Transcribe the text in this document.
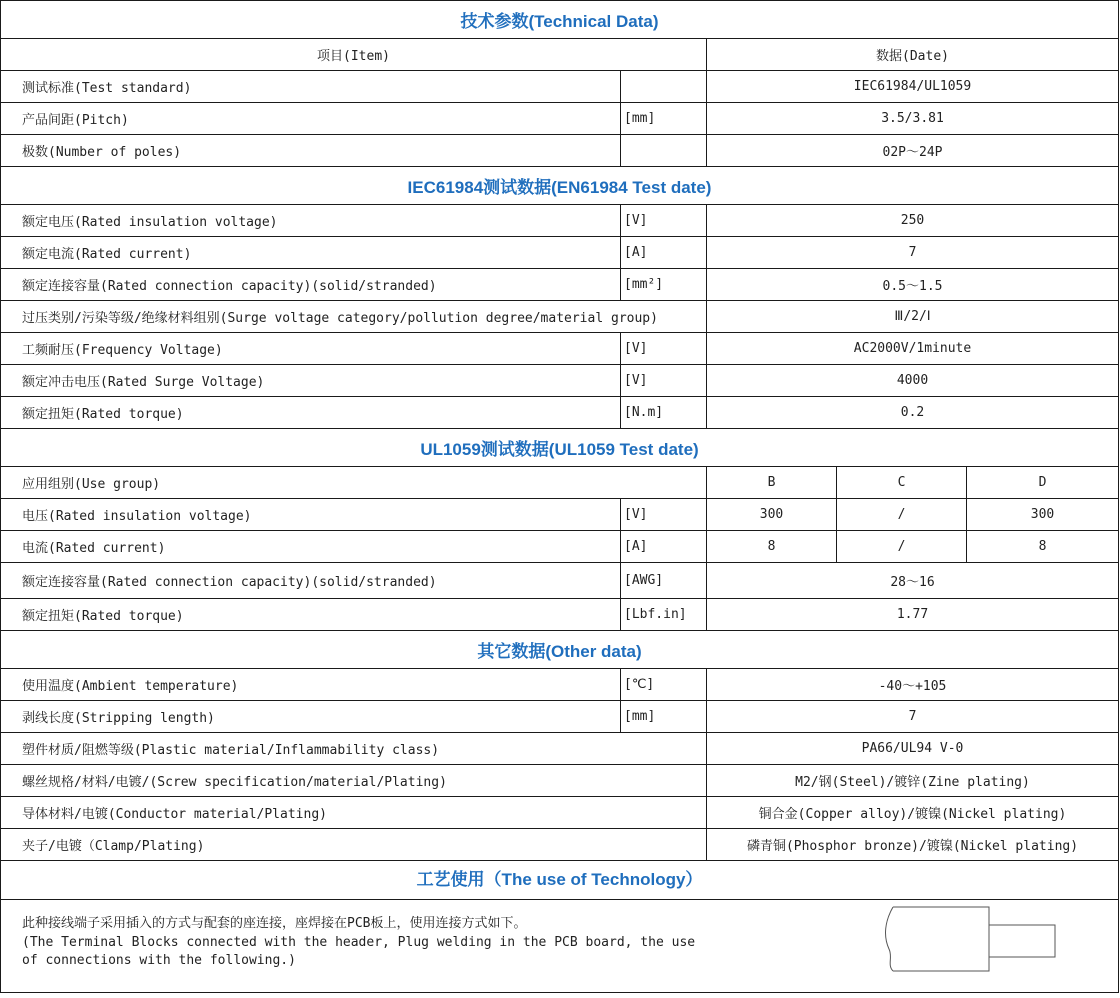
技术参数(Technical Data)				
项目(Item)		数据(Date)		
测试标准(Test standard)		IEC61984/UL1059		
产品间距(Pitch)	[mm]	3.5/3.81		
极数(Number of poles)		02P～24P		
IEC61984测试数据(EN61984 Test date)				
额定电压(Rated insulation voltage)	[V]	250		
额定电流(Rated current)	[A]	7		
额定连接容量(Rated connection capacity)(solid/stranded)	[mm²]	0.5～1.5		
过压类别/污染等级/绝缘材料组别(Surge voltage category/pollution degree/material group)		Ⅲ/2/Ⅰ		
工频耐压(Frequency Voltage)	[V]	AC2000V/1minute		
额定冲击电压(Rated Surge Voltage)	[V]	4000		
额定扭矩(Rated torque)	[N.m]	0.2		
UL1059测试数据(UL1059 Test date)				
应用组别(Use group)		B	C	D
电压(Rated insulation voltage)	[V]	300	/	300
电流(Rated current)	[A]	8	/	8
额定连接容量(Rated connection capacity)(solid/stranded)	[AWG]	28～16		
额定扭矩(Rated torque)	[Lbf.in]	1.77		
其它数据(Other data)				
使用温度(Ambient temperature)	[℃]	-40～+105		
剥线长度(Stripping length)	[mm]	7		
塑件材质/阻燃等级(Plastic material/Inflammability class)		PA66/UL94 V-0		
螺丝规格/材料/电镀/(Screw specification/material/Plating)		M2/钢(Steel)/镀锌(Zine plating)		
导体材料/电镀(Conductor material/Plating)		铜合金(Copper alloy)/镀镍(Nickel plating)		
夹子/电镀（Clamp/Plating)		磷青铜(Phosphor bronze)/镀镍(Nickel plating)		

工艺使用（The use of Technology）
此种接线端子采用插入的方式与配套的座连接，座焊接在PCB板上，使用连接方式如下。
(The Terminal Blocks connected with the header, Plug welding in the PCB board, the use
of connections with the following.)				
